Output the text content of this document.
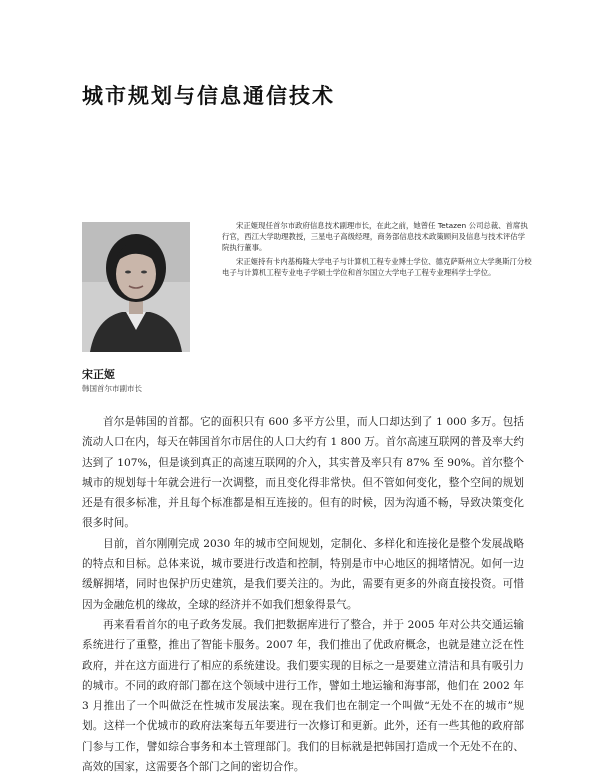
城市规划与信息通信技术

宋正姬现任首尔市政府信息技术副理市长，在此之前，她曾任 Tetazen 公司总裁、首席执行官，西江大学助理教授，三星电子高级经理，商务部信息技术政策顾问及信息与技术评估学院执行董事。

宋正姬持有卡内基梅隆大学电子与计算机工程专业博士学位、德克萨斯州立大学奥斯汀分校电子与计算机工程专业电子学硕士学位和首尔国立大学电子工程专业理科学士学位。

宋正姬
韩国首尔市副市长

首尔是韩国的首都。它的面积只有 600 多平方公里，而人口却达到了 1 000 多万。包括流动人口在内，每天在韩国首尔市居住的人口大约有 1 800 万。首尔高速互联网的普及率大约达到了 107%，但是谈到真正的高速互联网的介入，其实普及率只有 87% 至 90%。首尔整个城市的规划每十年就会进行一次调整，而且变化得非常快。但不管如何变化，整个空间的规划还是有很多标准，并且每个标准都是相互连接的。但有的时候，因为沟通不畅，导致决策变化很多时间。

目前，首尔刚刚完成 2030 年的城市空间规划，定制化、多样化和连接化是整个发展战略的特点和目标。总体来说，城市要进行改造和控制，特别是市中心地区的拥堵情况。如何一边缓解拥堵，同时也保护历史建筑，是我们要关注的。为此，需要有更多的外商直接投资。可惜因为金融危机的缘故，全球的经济并不如我们想象得景气。

再来看看首尔的电子政务发展。我们把数据库进行了整合，并于 2005 年对公共交通运输系统进行了重整，推出了智能卡服务。2007 年，我们推出了优政府概念，也就是建立泛在性政府，并在这方面进行了相应的系统建设。我们要实现的目标之一是要建立清洁和具有吸引力的城市。不同的政府部门都在这个领域中进行工作，譬如土地运输和海事部，他们在 2002 年 3 月推出了一个叫做泛在性城市发展法案。现在我们也在制定一个叫做“无处不在的城市”规划。这样一个优城市的政府法案每五年要进行一次修订和更新。此外，还有一些其他的政府部门参与工作，譬如综合事务和本土管理部门。我们的目标就是把韩国打造成一个无处不在的、高效的国家，这需要各个部门之间的密切合作。
